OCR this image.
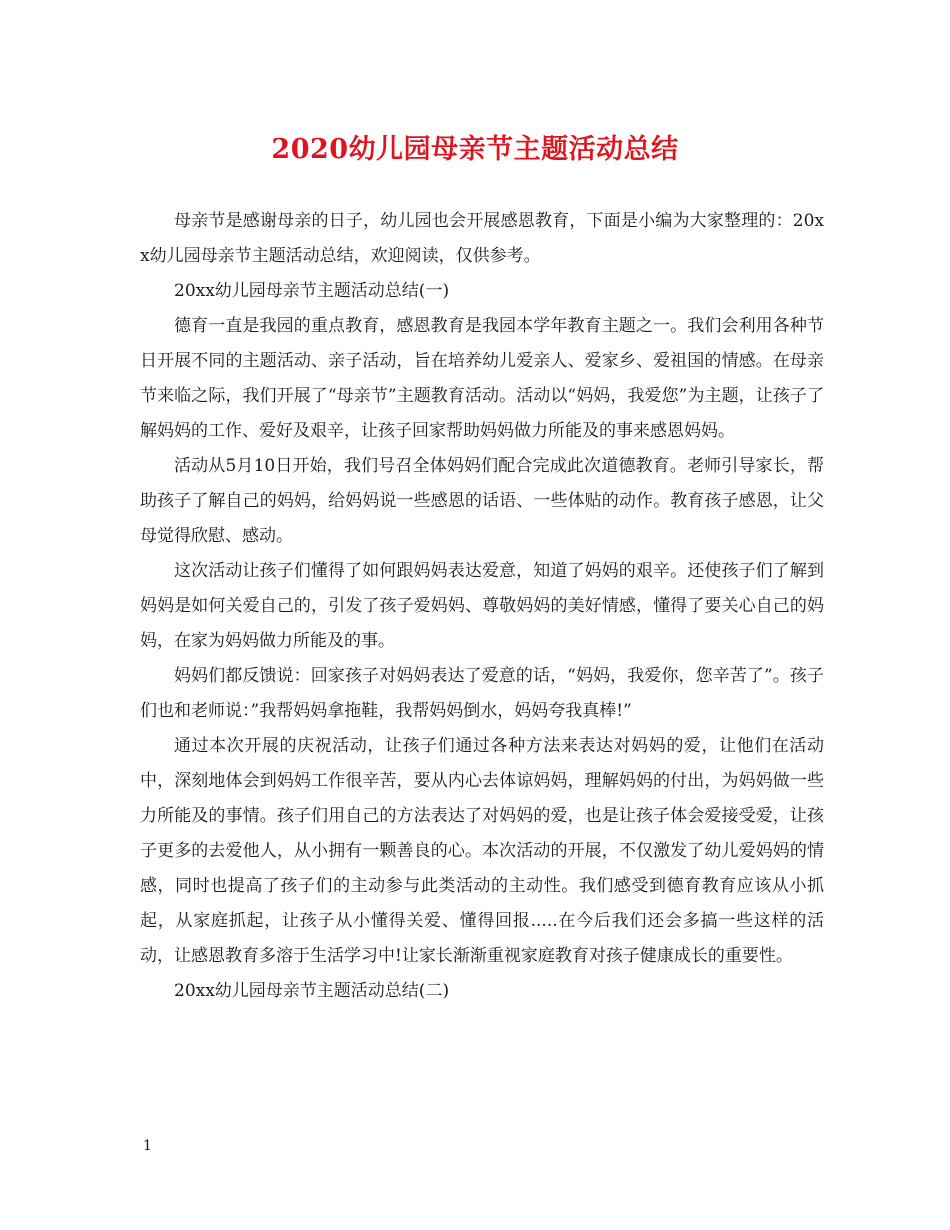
2020幼儿园母亲节主题活动总结

母亲节是感谢母亲的日子，幼儿园也会开展感恩教育，下面是小编为大家整理的：20xx幼儿园母亲节主题活动总结，欢迎阅读，仅供参考。

20xx幼儿园母亲节主题活动总结(一)

德育一直是我园的重点教育，感恩教育是我园本学年教育主题之一。我们会利用各种节日开展不同的主题活动、亲子活动，旨在培养幼儿爱亲人、爱家乡、爱祖国的情感。在母亲节来临之际，我们开展了“母亲节”主题教育活动。活动以“妈妈，我爱您”为主题，让孩子了解妈妈的工作、爱好及艰辛，让孩子回家帮助妈妈做力所能及的事来感恩妈妈。

活动从5月10日开始，我们号召全体妈妈们配合完成此次道德教育。老师引导家长，帮助孩子了解自己的妈妈，给妈妈说一些感恩的话语、一些体贴的动作。教育孩子感恩，让父母觉得欣慰、感动。

这次活动让孩子们懂得了如何跟妈妈表达爱意，知道了妈妈的艰辛。还使孩子们了解到妈妈是如何关爱自己的，引发了孩子爱妈妈、尊敬妈妈的美好情感，懂得了要关心自己的妈妈，在家为妈妈做力所能及的事。

妈妈们都反馈说：回家孩子对妈妈表达了爱意的话，“妈妈，我爱你，您辛苦了”。孩子们也和老师说：”我帮妈妈拿拖鞋，我帮妈妈倒水，妈妈夸我真棒!”

通过本次开展的庆祝活动，让孩子们通过各种方法来表达对妈妈的爱，让他们在活动中，深刻地体会到妈妈工作很辛苦，要从内心去体谅妈妈，理解妈妈的付出，为妈妈做一些力所能及的事情。孩子们用自己的方法表达了对妈妈的爱，也是让孩子体会爱接受爱，让孩子更多的去爱他人，从小拥有一颗善良的心。本次活动的开展，不仅激发了幼儿爱妈妈的情感，同时也提高了孩子们的主动参与此类活动的主动性。我们感受到德育教育应该从小抓起，从家庭抓起，让孩子从小懂得关爱、懂得回报.....在今后我们还会多搞一些这样的活动，让感恩教育多溶于生活学习中!让家长渐渐重视家庭教育对孩子健康成长的重要性。

20xx幼儿园母亲节主题活动总结(二)

1
